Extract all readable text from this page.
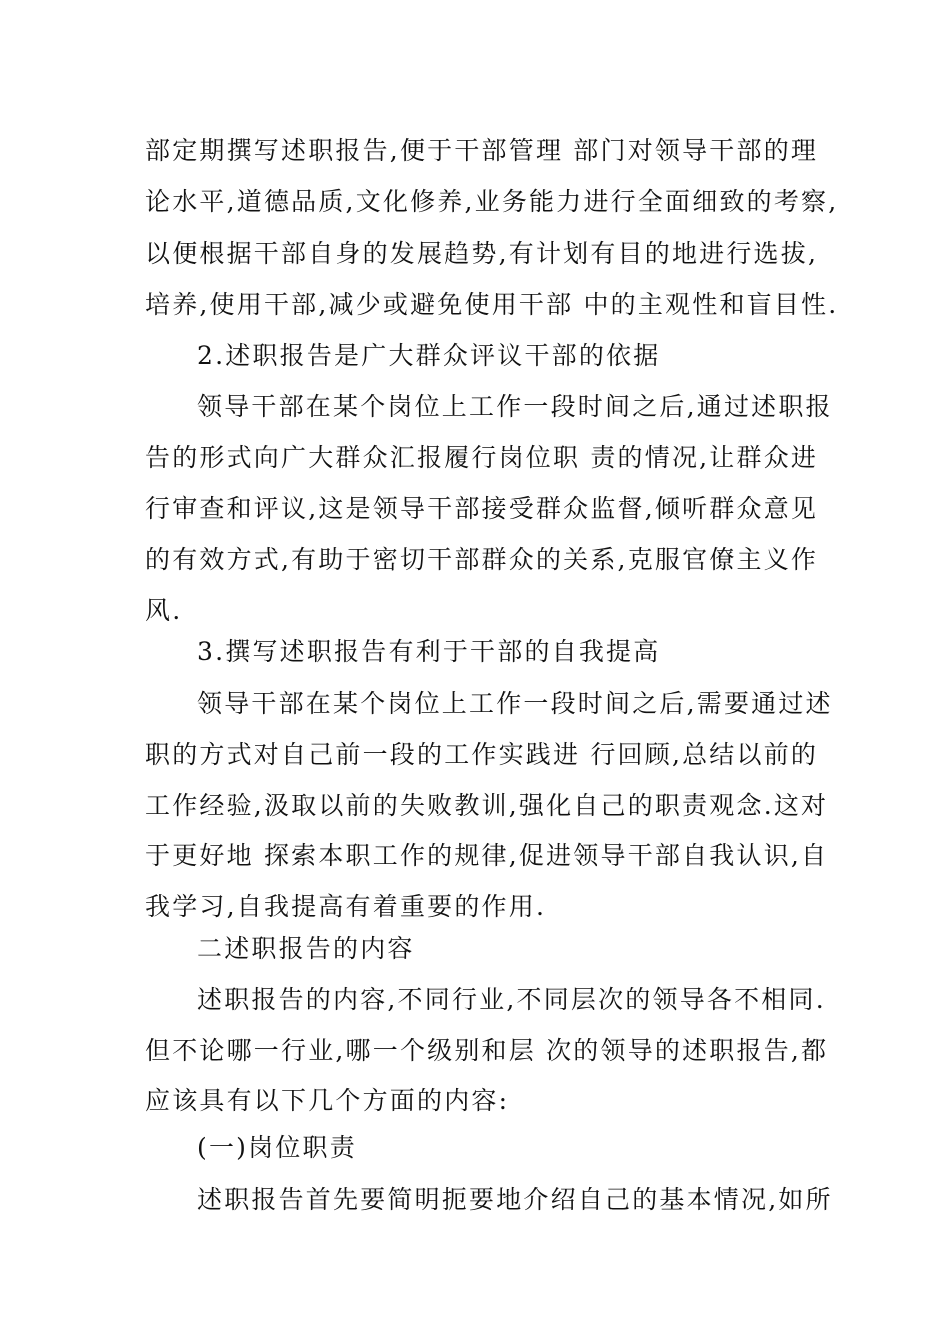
部定期撰写述职报告,便于干部管理 部门对领导干部的理
论水平,道德品质,文化修养,业务能力进行全面细致的考察,
以便根据干部自身的发展趋势,有计划有目的地进行选拔,
培养,使用干部,减少或避免使用干部 中的主观性和盲目性.
2.述职报告是广大群众评议干部的依据
领导干部在某个岗位上工作一段时间之后,通过述职报
告的形式向广大群众汇报履行岗位职 责的情况,让群众进
行审查和评议,这是领导干部接受群众监督,倾听群众意见
的有效方式,有助于密切干部群众的关系,克服官僚主义作
风.
3.撰写述职报告有利于干部的自我提高
领导干部在某个岗位上工作一段时间之后,需要通过述
职的方式对自己前一段的工作实践进 行回顾,总结以前的
工作经验,汲取以前的失败教训,强化自己的职责观念.这对
于更好地 探索本职工作的规律,促进领导干部自我认识,自
我学习,自我提高有着重要的作用.
二述职报告的内容
述职报告的内容,不同行业,不同层次的领导各不相同.
但不论哪一行业,哪一个级别和层 次的领导的述职报告,都
应该具有以下几个方面的内容:
(一)岗位职责
述职报告首先要简明扼要地介绍自己的基本情况,如所
